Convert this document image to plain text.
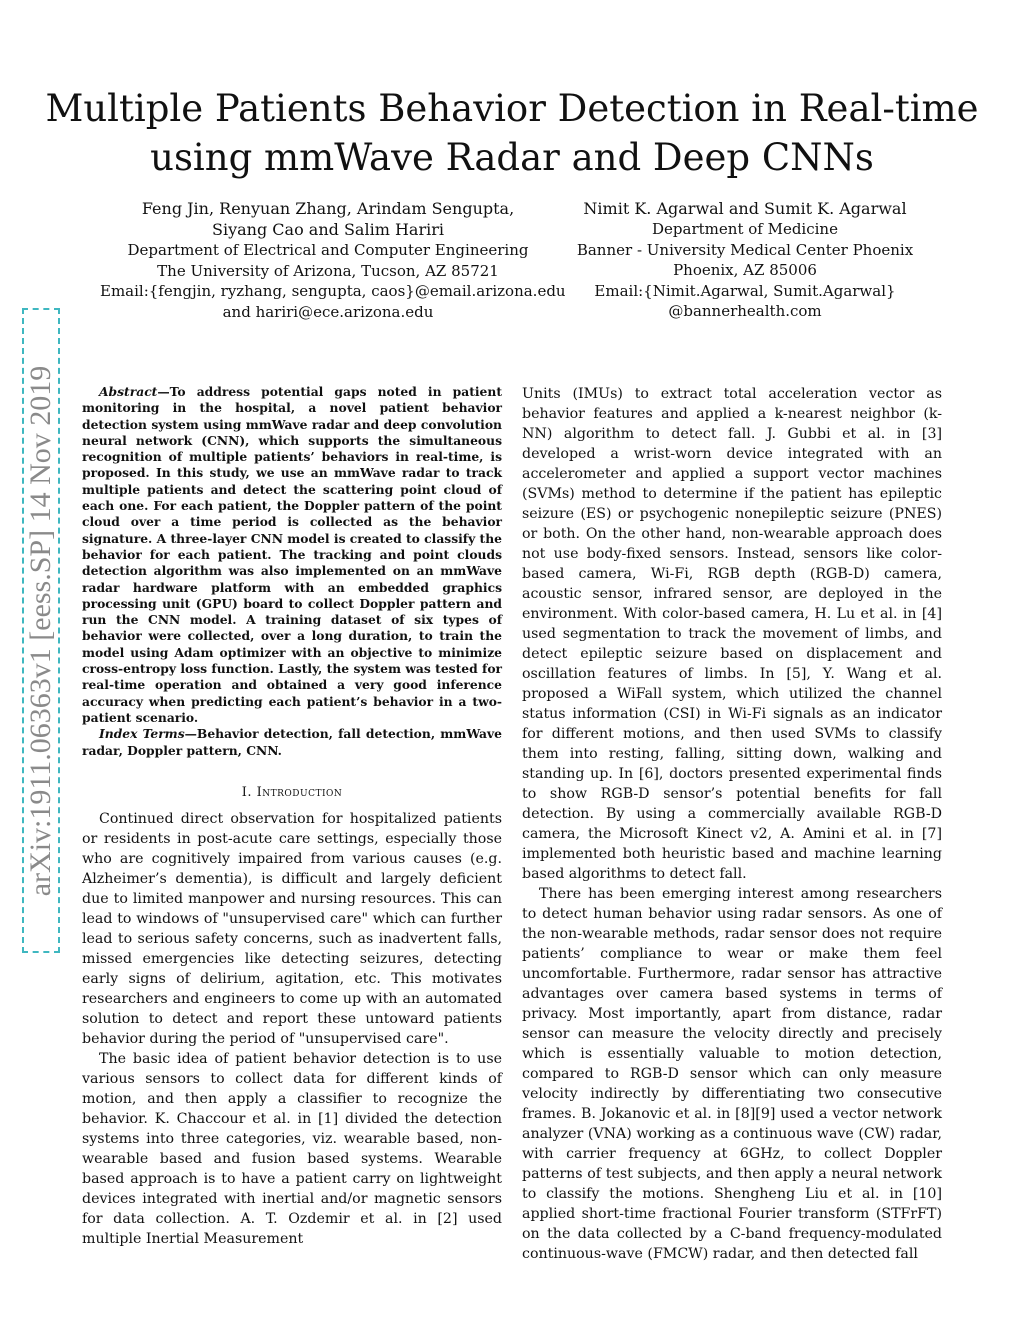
Multiple Patients Behavior Detection in Real-time
using mmWave Radar and Deep CNNs
Feng Jin, Renyuan Zhang, Arindam Sengupta,
Siyang Cao and Salim Hariri
Department of Electrical and Computer Engineering
The University of Arizona, Tucson, AZ 85721
Email:{fengjin, ryzhang, sengupta, caos}@email.arizona.edu
and hariri@ece.arizona.edu
Nimit K. Agarwal and Sumit K. Agarwal
Department of Medicine
Banner - University Medical Center Phoenix
Phoenix, AZ 85006
Email:{Nimit.Agarwal, Sumit.Agarwal}
@bannerhealth.com
arXiv:1911.06363v1 [eess.SP] 14 Nov 2019	Abstract—To address potential gaps noted in patient monitoring in the hospital, a novel patient behavior detection system using mmWave radar and deep convolution neural network (CNN), which supports the simultaneous recognition of multiple patients’ behaviors in real-time, is proposed. In this study, we use an mmWave radar to track multiple patients and detect the scattering point cloud of each one. For each patient, the Doppler pattern of the point cloud over a time period is collected as the behavior signature. A three-layer CNN model is created to classify the behavior for each patient. The tracking and point clouds detection algorithm was also implemented on an mmWave radar hardware platform with an embedded graphics processing unit (GPU) board to collect Doppler pattern and run the CNN model. A training dataset of six types of behavior were collected, over a long duration, to train the model using Adam optimizer with an objective to minimize cross-entropy loss function. Lastly, the system was tested for real-time operation and obtained a very good inference accuracy when predicting each patient’s behavior in a two-patient scenario.

Index Terms—Behavior detection, fall detection, mmWave radar, Doppler pattern, CNN.

I. Introduction

Continued direct observation for hospitalized patients or residents in post-acute care settings, especially those who are cognitively impaired from various causes (e.g. Alzheimer’s dementia), is difficult and largely deficient due to limited manpower and nursing resources. This can lead to windows of "unsupervised care" which can further lead to serious safety concerns, such as inadvertent falls, missed emergencies like detecting seizures, detecting early signs of delirium, agitation, etc. This motivates researchers and engineers to come up with an automated solution to detect and report these untoward patients behavior during the period of "unsupervised care".

The basic idea of patient behavior detection is to use various sensors to collect data for different kinds of motion, and then apply a classifier to recognize the behavior. K. Chaccour et al. in [1] divided the detection systems into three categories, viz. wearable based, non-wearable based and fusion based systems. Wearable based approach is to have a patient carry on lightweight devices integrated with inertial and/or magnetic sensors for data collection. A. T. Ozdemir et al. in [2] used multiple Inertial Measurement

Units (IMUs) to extract total acceleration vector as behavior features and applied a k-nearest neighbor (k-NN) algorithm to detect fall. J. Gubbi et al. in [3] developed a wrist-worn device integrated with an accelerometer and applied a support vector machines (SVMs) method to determine if the patient has epileptic seizure (ES) or psychogenic nonepileptic seizure (PNES) or both. On the other hand, non-wearable approach does not use body-fixed sensors. Instead, sensors like color-based camera, Wi-Fi, RGB depth (RGB-D) camera, acoustic sensor, infrared sensor, are deployed in the environment. With color-based camera, H. Lu et al. in [4] used segmentation to track the movement of limbs, and detect epileptic seizure based on displacement and oscillation features of limbs. In [5], Y. Wang et al. proposed a WiFall system, which utilized the channel status information (CSI) in Wi-Fi signals as an indicator for different motions, and then used SVMs to classify them into resting, falling, sitting down, walking and standing up. In [6], doctors presented experimental finds to show RGB-D sensor’s potential benefits for fall detection. By using a commercially available RGB-D camera, the Microsoft Kinect v2, A. Amini et al. in [7] implemented both heuristic based and machine learning based algorithms to detect fall.

There has been emerging interest among researchers to detect human behavior using radar sensors. As one of the non-wearable methods, radar sensor does not require patients’ compliance to wear or make them feel uncomfortable. Furthermore, radar sensor has attractive advantages over camera based systems in terms of privacy. Most importantly, apart from distance, radar sensor can measure the velocity directly and precisely which is essentially valuable to motion detection, compared to RGB-D sensor which can only measure velocity indirectly by differentiating two consecutive frames. B. Jokanovic et al. in [8][9] used a vector network analyzer (VNA) working as a continuous wave (CW) radar, with carrier frequency at 6GHz, to collect Doppler patterns of test subjects, and then apply a neural network to classify the motions. Shengheng Liu et al. in [10] applied short-time fractional Fourier transform (STFrFT) on the data collected by a C-band frequency-modulated continuous-wave (FMCW) radar, and then detected fall
